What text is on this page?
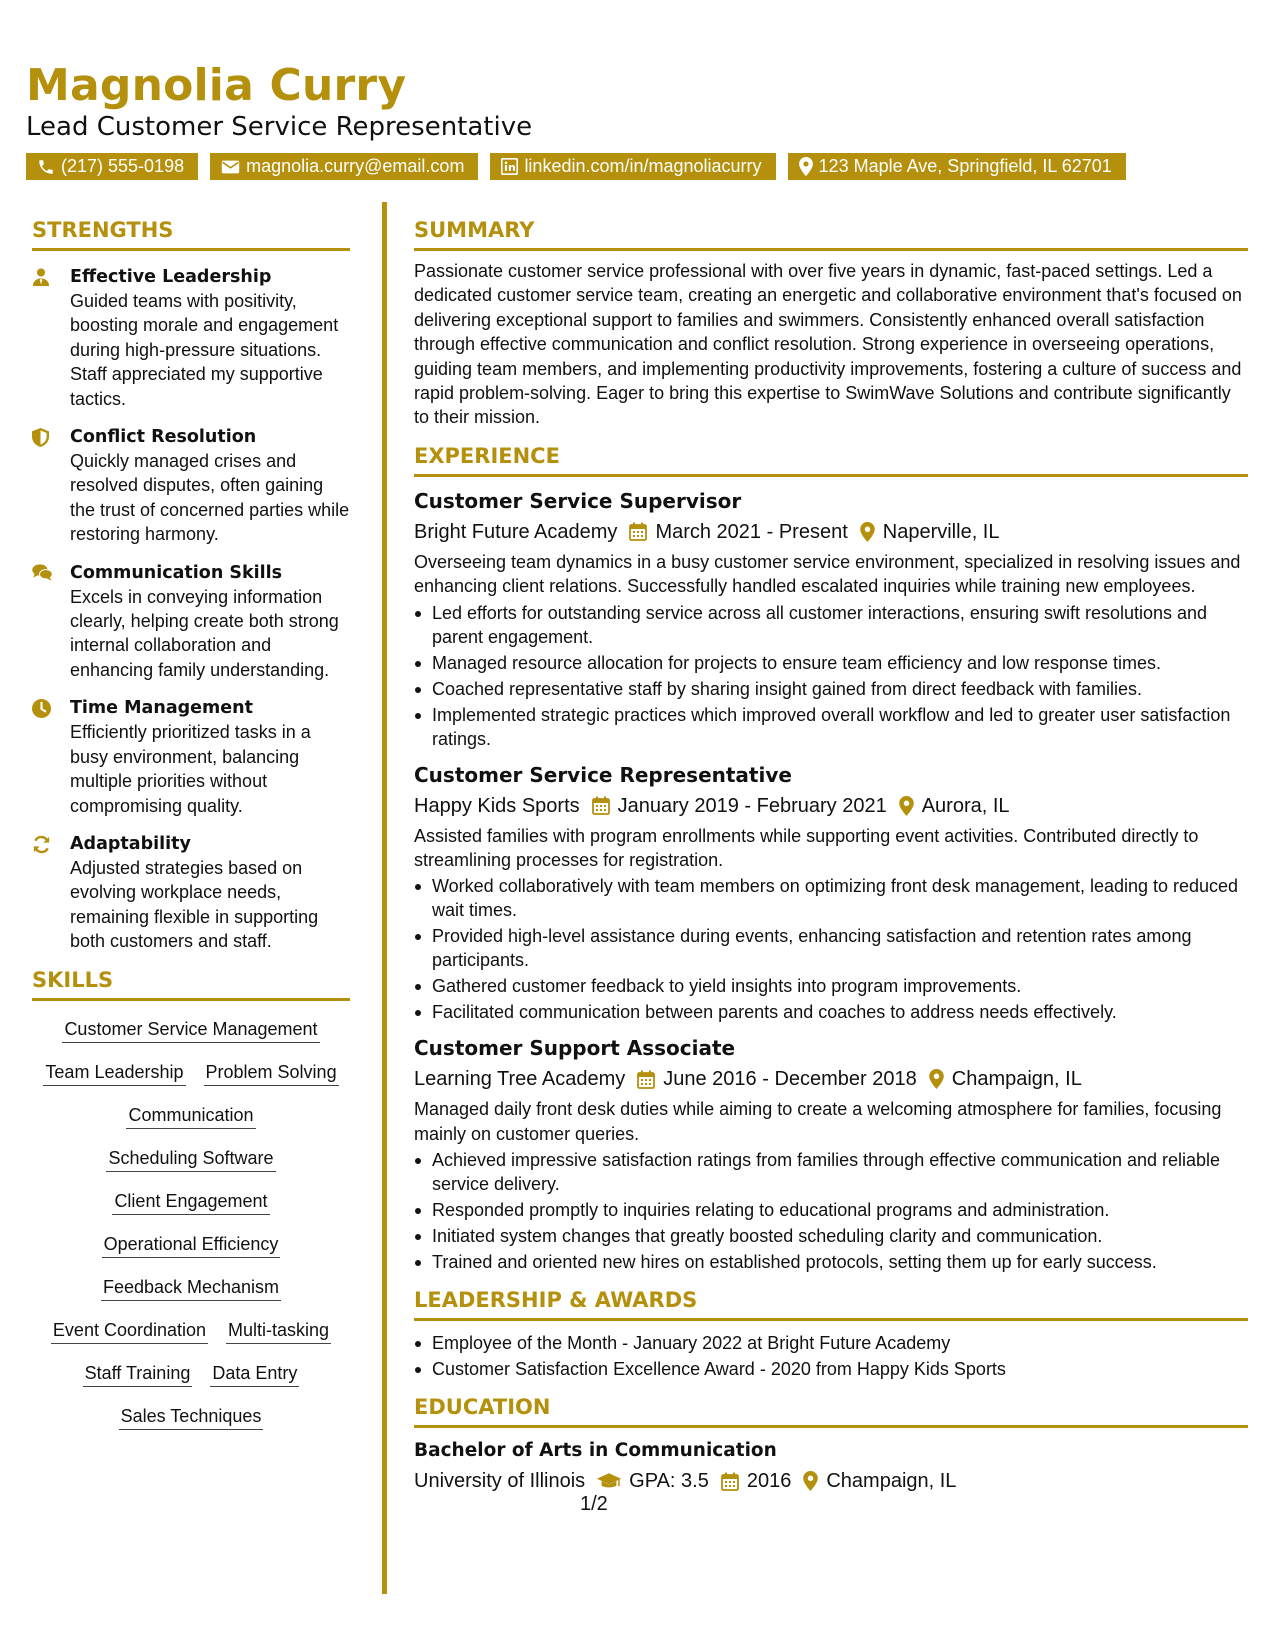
Magnolia Curry
Lead Customer Service Representative
(217) 555-0198	magnolia.curry@email.com	linkedin.com/in/magnoliacurry	123 Maple Ave, Springfield, IL 62701
STRENGTHS
Effective Leadership
Guided teams with positivity, boosting morale and engagement during high-pressure situations. Staff appreciated my supportive tactics.
Conflict Resolution
Quickly managed crises and resolved disputes, often gaining the trust of concerned parties while restoring harmony.
Communication Skills
Excels in conveying information clearly, helping create both strong internal collaboration and enhancing family understanding.
Time Management
Efficiently prioritized tasks in a busy environment, balancing multiple priorities without compromising quality.
Adaptability
Adjusted strategies based on evolving workplace needs, remaining flexible in supporting both customers and staff.
SKILLS
Customer Service Management
Team Leadership Problem Solving
Communication
Scheduling Software
Client Engagement
Operational Efficiency
Feedback Mechanism
Event Coordination Multi-tasking
Staff Training Data Entry
Sales Techniques
SUMMARY

Passionate customer service professional with over five years in dynamic, fast-paced settings. Led a dedicated customer service team, creating an energetic and collaborative environment that's focused on delivering exceptional support to families and swimmers. Consistently enhanced overall satisfaction through effective communication and conflict resolution. Strong experience in overseeing operations, guiding team members, and implementing productivity improvements, fostering a culture of success and rapid problem-solving. Eager to bring this expertise to SwimWave Solutions and contribute significantly to their mission.

EXPERIENCE
Customer Service Supervisor
Bright Future Academy March 2021 - Present Naperville, IL

Overseeing team dynamics in a busy customer service environment, specialized in resolving issues and enhancing client relations. Successfully handled escalated inquiries while training new employees.

Led efforts for outstanding service across all customer interactions, ensuring swift resolutions and parent engagement.
Managed resource allocation for projects to ensure team efficiency and low response times.
Coached representative staff by sharing insight gained from direct feedback with families.
Implemented strategic practices which improved overall workflow and led to greater user satisfaction ratings.
Customer Service Representative
Happy Kids Sports January 2019 - February 2021 Aurora, IL

Assisted families with program enrollments while supporting event activities. Contributed directly to streamlining processes for registration.

Worked collaboratively with team members on optimizing front desk management, leading to reduced wait times.
Provided high-level assistance during events, enhancing satisfaction and retention rates among participants.
Gathered customer feedback to yield insights into program improvements.
Facilitated communication between parents and coaches to address needs effectively.
Customer Support Associate
Learning Tree Academy June 2016 - December 2018 Champaign, IL

Managed daily front desk duties while aiming to create a welcoming atmosphere for families, focusing mainly on customer queries.

Achieved impressive satisfaction ratings from families through effective communication and reliable service delivery.
Responded promptly to inquiries relating to educational programs and administration.
Initiated system changes that greatly boosted scheduling clarity and communication.
Trained and oriented new hires on established protocols, setting them up for early success.
LEADERSHIP & AWARDS
Employee of the Month - January 2022 at Bright Future Academy
Customer Satisfaction Excellence Award - 2020 from Happy Kids Sports
EDUCATION
Bachelor of Arts in Communication
University of Illinois GPA: 3.5 2016 Champaign, IL
1/2
